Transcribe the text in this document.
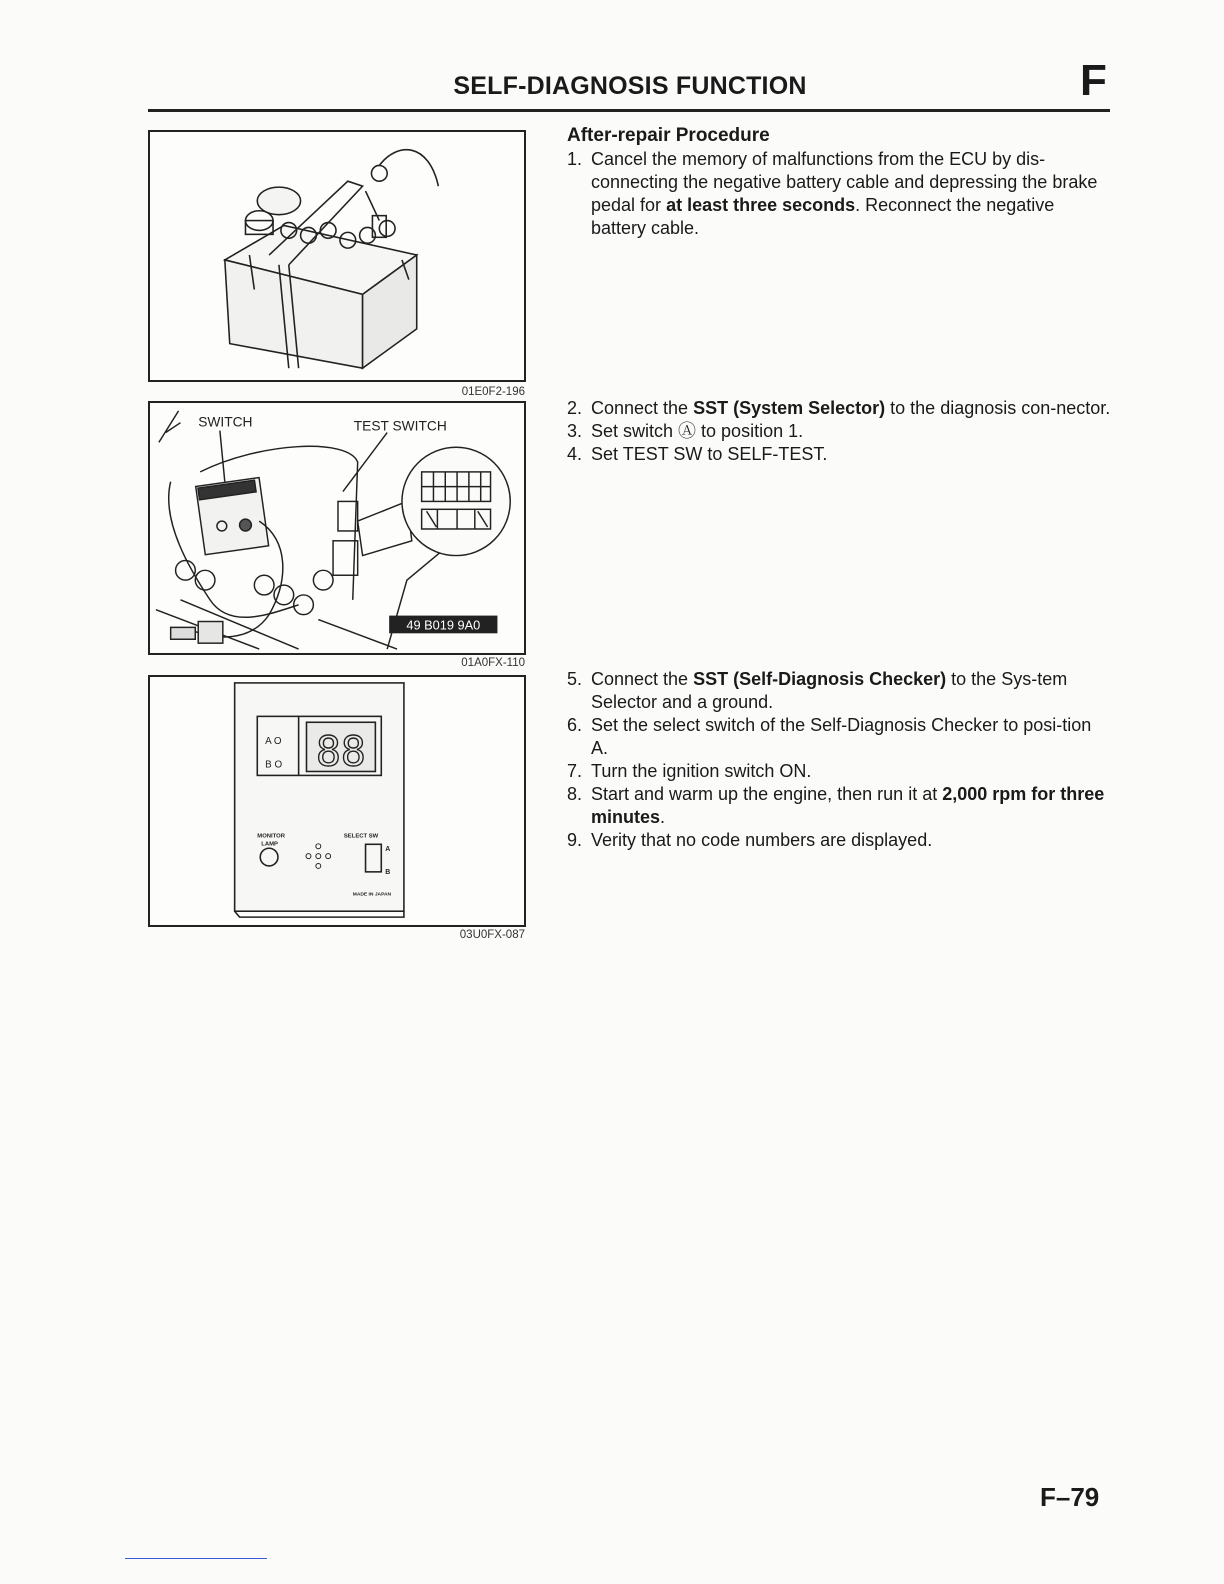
SELF-DIAGNOSIS FUNCTION	F
01E0F2-196
SWITCH	TEST SWITCH
49 B019 9A0
01A0FX-110
A O
B O 88
MONITOR
LAMP
SELECT SW
A
B
MADE IN JAPAN
03U0FX-087
After-repair Procedure
1. Cancel the memory of malfunctions from the ECU by dis-connecting the negative battery cable and depressing the brake pedal for at least three seconds. Reconnect the negative battery cable.
2. Connect the SST (System Selector) to the diagnosis con-nector.
3. Set switch Ⓐ to position 1.
4. Set TEST SW to SELF-TEST.
5. Connect the SST (Self-Diagnosis Checker) to the Sys-tem Selector and a ground.
6. Set the select switch of the Self-Diagnosis Checker to posi-tion A.
7. Turn the ignition switch ON.
8. Start and warm up the engine, then run it at 2,000 rpm for three minutes.
9. Verity that no code numbers are displayed.
F–79
